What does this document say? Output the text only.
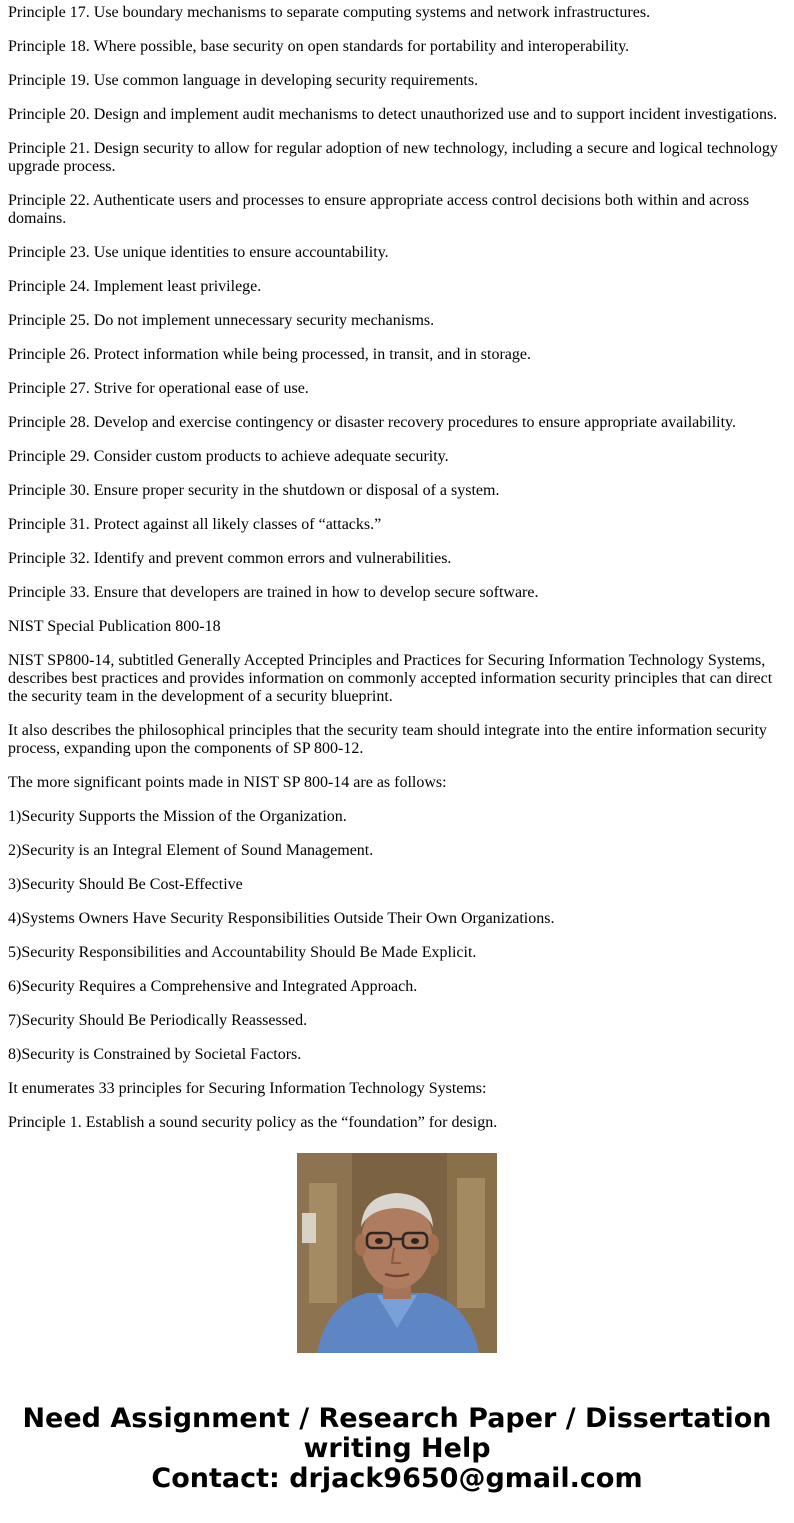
Principle 17. Use boundary mechanisms to separate computing systems and network infrastructures.

Principle 18. Where possible, base security on open standards for portability and interoperability.

Principle 19. Use common language in developing security requirements.

Principle 20. Design and implement audit mechanisms to detect unauthorized use and to support incident investigations.

Principle 21. Design security to allow for regular adoption of new technology, including a secure and logical technology upgrade process.

Principle 22. Authenticate users and processes to ensure appropriate access control decisions both within and across domains.

Principle 23. Use unique identities to ensure accountability.

Principle 24. Implement least privilege.

Principle 25. Do not implement unnecessary security mechanisms.

Principle 26. Protect information while being processed, in transit, and in storage.

Principle 27. Strive for operational ease of use.

Principle 28. Develop and exercise contingency or disaster recovery procedures to ensure appropriate availability.

Principle 29. Consider custom products to achieve adequate security.

Principle 30. Ensure proper security in the shutdown or disposal of a system.

Principle 31. Protect against all likely classes of “attacks.”

Principle 32. Identify and prevent common errors and vulnerabilities.

Principle 33. Ensure that developers are trained in how to develop secure software.

NIST Special Publication 800-18

NIST SP800-14, subtitled Generally Accepted Principles and Practices for Securing Information Technology Systems, describes best practices and provides information on commonly accepted information security principles that can direct the security team in the development of a security blueprint.

It also describes the philosophical principles that the security team should integrate into the entire information security process, expanding upon the components of SP 800-12.

The more significant points made in NIST SP 800-14 are as follows:

1)Security Supports the Mission of the Organization.

2)Security is an Integral Element of Sound Management.

3)Security Should Be Cost-Effective

4)Systems Owners Have Security Responsibilities Outside Their Own Organizations.

5)Security Responsibilities and Accountability Should Be Made Explicit.

6)Security Requires a Comprehensive and Integrated Approach.

7)Security Should Be Periodically Reassessed.

8)Security is Constrained by Societal Factors.

It enumerates 33 principles for Securing Information Technology Systems:

Principle 1. Establish a sound security policy as the “foundation” for design.

Need Assignment / Research Paper / Dissertation
writing Help
Contact: drjack9650@gmail.com
